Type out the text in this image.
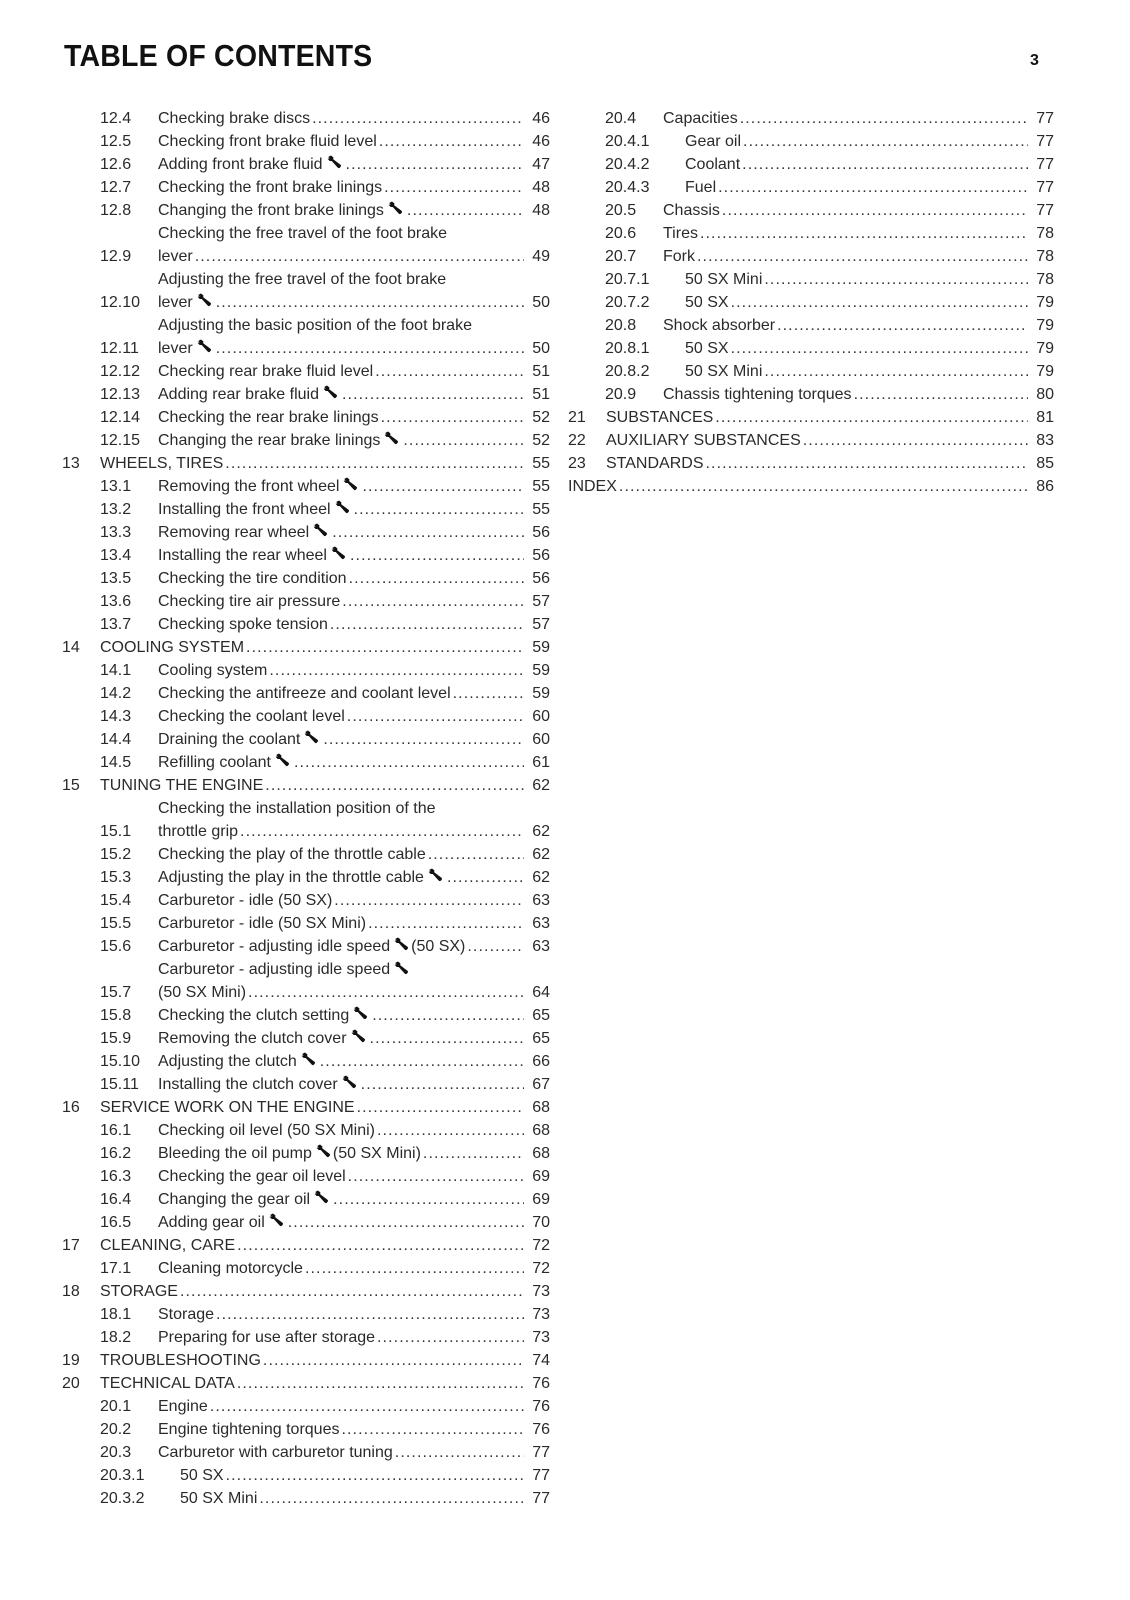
TABLE OF CONTENTS	3
12.4	Checking brake discs .....	46
12.5	Checking front brake fluid level .....	46
12.6	Adding front brake fluid .....	47
12.7	Checking the front brake linings .....	48
12.8	Changing the front brake linings .....	48
12.9
Checking the free travel of the foot brake
lever .....	49
12.10
Adjusting the free travel of the foot brake
lever .....	50
12.11
Adjusting the basic position of the foot brake
lever .....	50
12.12	Checking rear brake fluid level .....	51
12.13	Adding rear brake fluid .....	51
12.14	Checking the rear brake linings .....	52
12.15	Changing the rear brake linings .....	52
13	WHEELS, TIRES .....	55
13.1	Removing the front wheel .....	55
13.2	Installing the front wheel .....	55
13.3	Removing rear wheel .....	56
13.4	Installing the rear wheel .....	56
13.5	Checking the tire condition .....	56
13.6	Checking tire air pressure .....	57
13.7	Checking spoke tension .....	57
14	COOLING SYSTEM .....	59
14.1	Cooling system .....	59
14.2	Checking the antifreeze and coolant level .....	59
14.3	Checking the coolant level .....	60
14.4	Draining the coolant .....	60
14.5	Refilling coolant .....	61
15	TUNING THE ENGINE .....	62
15.1
Checking the installation position of the
throttle grip .....	62
15.2	Checking the play of the throttle cable .....	62
15.3	Adjusting the play in the throttle cable .....	62
15.4	Carburetor - idle (50 SX) .....	63
15.5	Carburetor - idle (50 SX Mini) .....	63
15.6	Carburetor - adjusting idle speed (50 SX) .....	63
15.7
Carburetor - adjusting idle speed
(50 SX Mini) .....	64
15.8	Checking the clutch setting .....	65
15.9	Removing the clutch cover .....	65
15.10	Adjusting the clutch .....	66
15.11	Installing the clutch cover .....	67
16	SERVICE WORK ON THE ENGINE .....	68
16.1	Checking oil level (50 SX Mini) .....	68
16.2	Bleeding the oil pump (50 SX Mini) .....	68
16.3	Checking the gear oil level .....	69
16.4	Changing the gear oil .....	69
16.5	Adding gear oil .....	70
17	CLEANING, CARE .....	72
17.1	Cleaning motorcycle .....	72
18	STORAGE .....	73
18.1	Storage .....	73
18.2	Preparing for use after storage .....	73
19	TROUBLESHOOTING .....	74
20	TECHNICAL DATA .....	76
20.1	Engine .....	76
20.2	Engine tightening torques .....	76
20.3	Carburetor with carburetor tuning .....	77
20.3.1	50 SX .....	77
20.3.2	50 SX Mini .....	77
20.4	Capacities .....	77
20.4.1	Gear oil .....	77
20.4.2	Coolant .....	77
20.4.3	Fuel .....	77
20.5	Chassis .....	77
20.6	Tires .....	78
20.7	Fork .....	78
20.7.1	50 SX Mini .....	78
20.7.2	50 SX .....	79
20.8	Shock absorber .....	79
20.8.1	50 SX .....	79
20.8.2	50 SX Mini .....	79
20.9	Chassis tightening torques .....	80
21	SUBSTANCES .....	81
22	AUXILIARY SUBSTANCES .....	83
23	STANDARDS .....	85
INDEX .....	86
